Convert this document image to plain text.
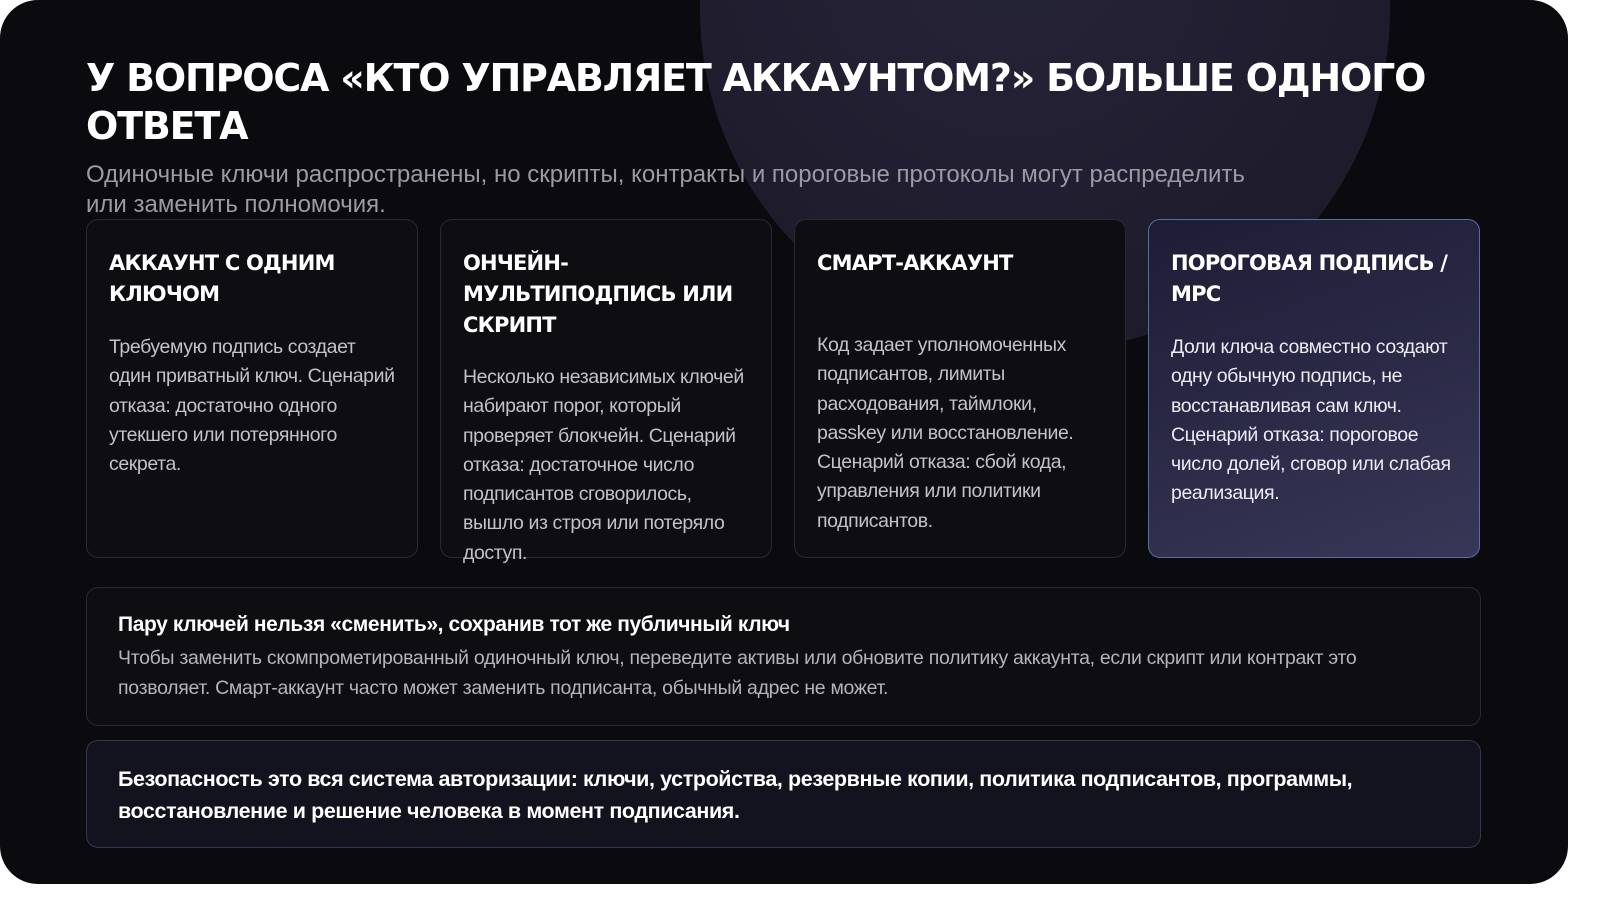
У ВОПРОСА «КТО УПРАВЛЯЕТ АККАУНТОМ?» БОЛЬШЕ ОДНОГО ОТВЕТА

Одиночные ключи распространены, но скрипты, контракты и пороговые протоколы могут распределить или заменить полномочия.

АККАУНТ С ОДНИМ КЛЮЧОМ

Требуемую подпись создает один приватный ключ. Сценарий отказа: достаточно одного утекшего или потерянного секрета.

ОНЧЕЙН-МУЛЬТИПОДПИСЬ ИЛИ СКРИПТ

Несколько независимых ключей набирают порог, который проверяет блокчейн. Сценарий отказа: достаточное число подписантов сговорилось, вышло из строя или потеряло доступ.

СМАРТ-АККАУНТ

Код задает уполномоченных подписантов, лимиты расходования, таймлоки, passkey или восстановление. Сценарий отказа: сбой кода, управления или политики подписантов.

ПОРОГОВАЯ ПОДПИСЬ / MPC

Доли ключа совместно создают одну обычную подпись, не восстанавливая сам ключ. Сценарий отказа: пороговое число долей, сговор или слабая реализация.

Пару ключей нельзя «сменить», сохранив тот же публичный ключ

Чтобы заменить скомпрометированный одиночный ключ, переведите активы или обновите политику аккаунта, если скрипт или контракт это позволяет. Смарт-аккаунт часто может заменить подписанта, обычный адрес не может.

Безопасность это вся система авторизации: ключи, устройства, резервные копии, политика подписантов, программы, восстановление и решение человека в момент подписания.
